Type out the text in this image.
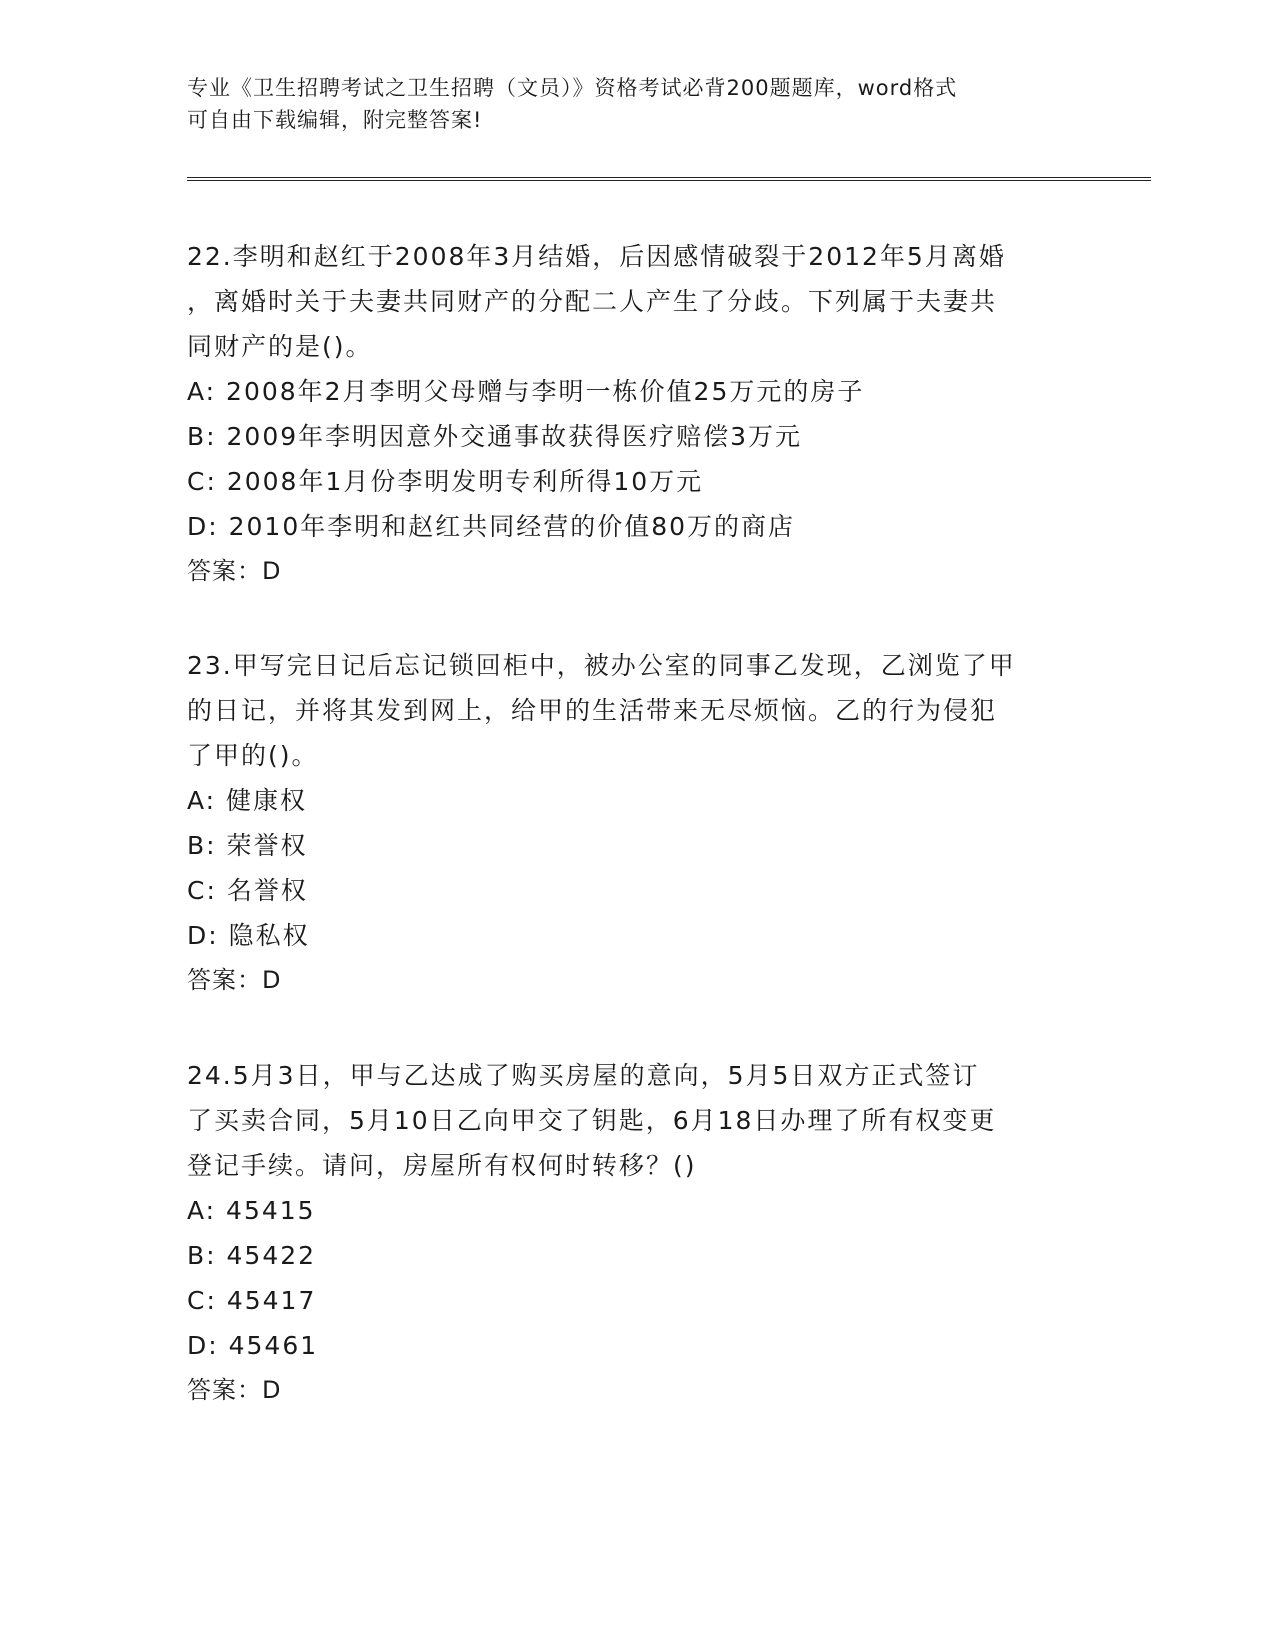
专业《卫生招聘考试之卫生招聘（文员）》资格考试必背200题题库，word格式
可自由下载编辑，附完整答案!

22.李明和赵红于2008年3月结婚，后因感情破裂于2012年5月离婚

，离婚时关于夫妻共同财产的分配二人产生了分歧。下列属于夫妻共

同财产的是()。

A: 2008年2月李明父母赠与李明一栋价值25万元的房子

B: 2009年李明因意外交通事故获得医疗赔偿3万元

C: 2008年1月份李明发明专利所得10万元

D: 2010年李明和赵红共同经营的价值80万的商店

答案：D

23.甲写完日记后忘记锁回柜中，被办公室的同事乙发现，乙浏览了甲

的日记，并将其发到网上，给甲的生活带来无尽烦恼。乙的行为侵犯

了甲的()。

A: 健康权

B: 荣誉权

C: 名誉权

D: 隐私权

答案：D

24.5月3日，甲与乙达成了购买房屋的意向，5月5日双方正式签订

了买卖合同，5月10日乙向甲交了钥匙，6月18日办理了所有权变更

登记手续。请问，房屋所有权何时转移？()

A: 45415

B: 45422

C: 45417

D: 45461

答案：D
